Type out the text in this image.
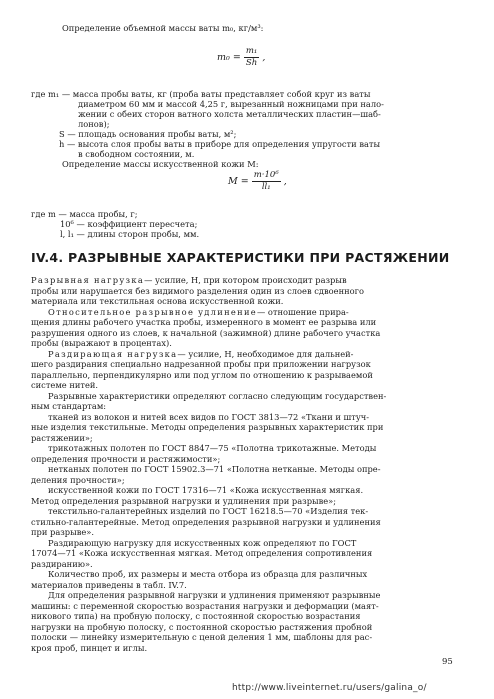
Определение объемной массы ваты m₀, кг/м³:
$m_0 = \frac{\text{m₁}}{Sh}$ ,
где m₁ — масса пробы ваты, кг (проба ваты представляет собой круг из ваты
диаметром 60 мм и массой 4,25 г, вырезанный ножницами при нало-
жении с обеих сторон ватного холста металлических пластин—шаб-
лонов);
S — площадь основания пробы ваты, м²;
h — высота слоя пробы ваты в приборе для определения упругости ваты
в свободном состоянии, м.
Определение массы искусственной кожи M:
$M = \frac{\text{m·10⁶}}{\text{ll₁}}$ ,
где m — масса пробы, г;
10⁶ — коэффициент пересчета;
l, l₁ — длины сторон пробы, мм.
IV.4. РАЗРЫВНЫЕ ХАРАКТЕРИСТИКИ ПРИ РАСТЯЖЕНИИ
Разрывная нагрузка— усилие, Н, при котором происходит разрыв
пробы или нарушается без видимого разделения один из слоев сдвоенного
материала или текстильная основа искусственной кожи.
Относительное разрывное удлинение— отношение прира-
щения длины рабочего участка пробы, измеренного в момент ее разрыва или
разрушения одного из слоев, к начальной (зажимной) длине рабочего участка
пробы (выражают в процентах).
Раздирающая нагрузка— усилие, Н, необходимое для дальней-
шего раздирания специально надрезанной пробы при приложении нагрузок
параллельно, перпендикулярно или под углом по отношению к разрываемой
системе нитей.
Разрывные характеристики определяют согласно следующим государствен-
ным стандартам:
тканей из волокон и нитей всех видов по ГОСТ 3813—72 «Ткани и штуч-
ные изделия текстильные. Методы определения разрывных характеристик при
растяжении»;
трикотажных полотен по ГОСТ 8847—75 «Полотна трикотажные. Методы
определения прочности и растяжимости»;
нетканых полотен по ГОСТ 15902.3—71 «Полотна нетканые. Методы опре-
деления прочности»;
искусственной кожи по ГОСТ 17316—71 «Кожа искусственная мягкая.
Метод определения разрывной нагрузки и удлинения при разрыве»;
текстильно-галантерейных изделий по ГОСТ 16218.5—70 «Изделия тек-
стильно-галантерейные. Метод определения разрывной нагрузки и удлинения
при разрыве».
Раздирающую нагрузку для искусственных кож определяют по ГОСТ
17074—71 «Кожа искусственная мягкая. Метод определения сопротивления
раздиранию».
Количество проб, их размеры и места отбора из образца для различных
материалов приведены в табл. IV.7.
Для определения разрывной нагрузки и удлинения применяют разрывные
машины: с переменной скоростью возрастания нагрузки и деформации (маят-
никового типа) на пробную полоску, с постоянной скоростью возрастания
нагрузки на пробную полоску, с постоянной скоростью растяжения пробной
полоски — линейку измерительную с ценой деления 1 мм, шаблоны для рас-
кроя проб, пинцет и иглы.
95
http://www.liveinternet.ru/users/galina_o/
